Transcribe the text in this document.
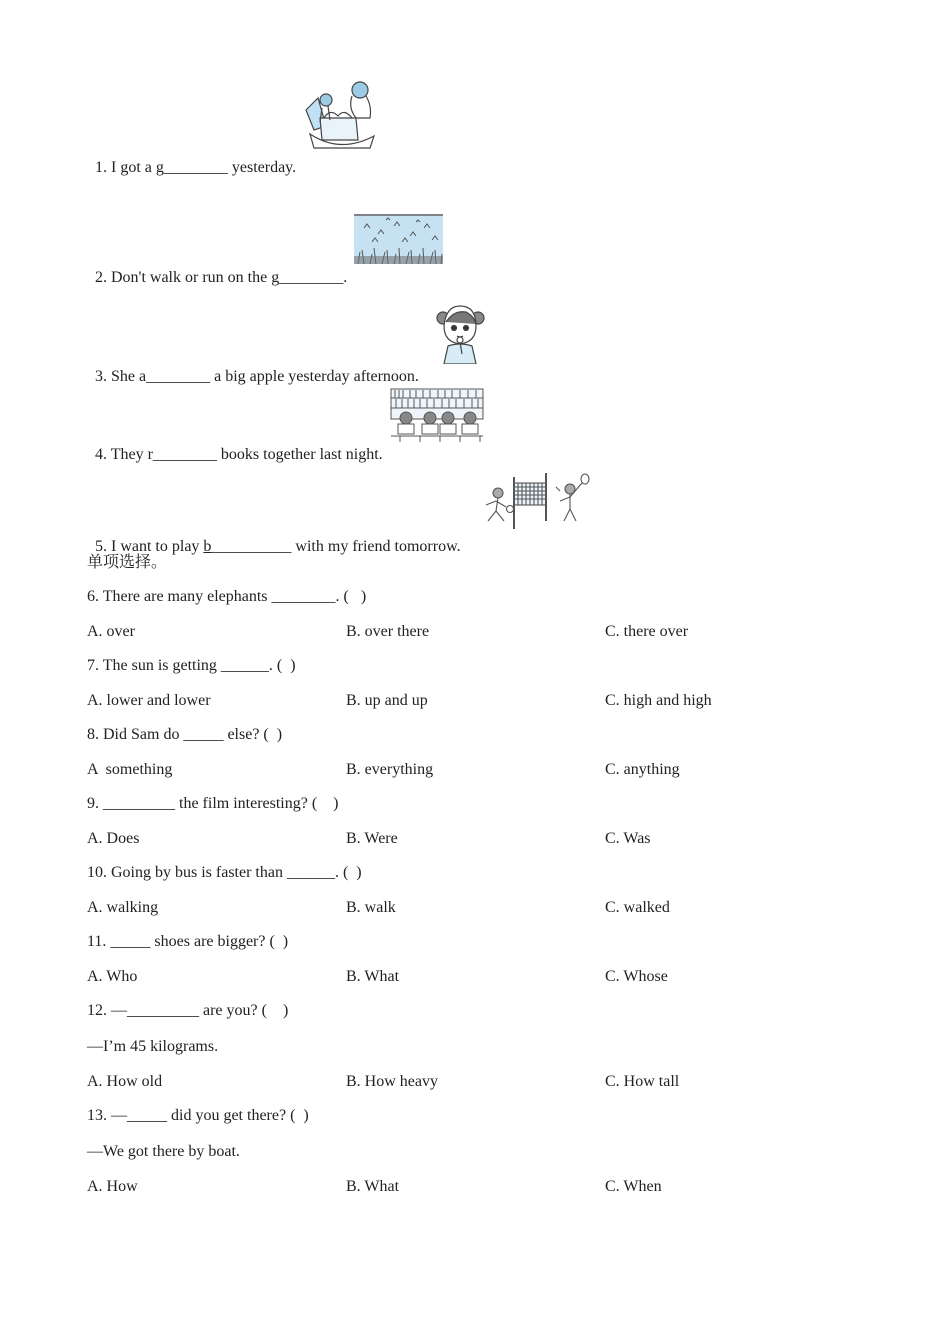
1. I got a g________ yesterday.

2. Don't walk or run on the g________.

3. She a________ a big apple yesterday afternoon.

4. They r________ books together last night.

5. I want to play b__________ with my friend tomorrow.

单项选择。
6. There are many elephants ________. (   )
A. over	B. over there	C. there over
7. The sun is getting ______. (  )
A. lower and lower	B. up and up	C. high and high
8. Did Sam do _____ else? (  )
A  something	B. everything	C. anything
9. _________ the film interesting? (    )
A. Does	B. Were	C. Was
10. Going by bus is faster than ______. (  )
A. walking	B. walk	C. walked
11. _____ shoes are bigger? (  )
A. Who	B. What	C. Whose
12. —_________ are you? (    )
—I’m 45 kilograms.
A. How old	B. How heavy	C. How tall
13. —_____ did you get there? (  )
—We got there by boat.
A. How	B. What	C. When
